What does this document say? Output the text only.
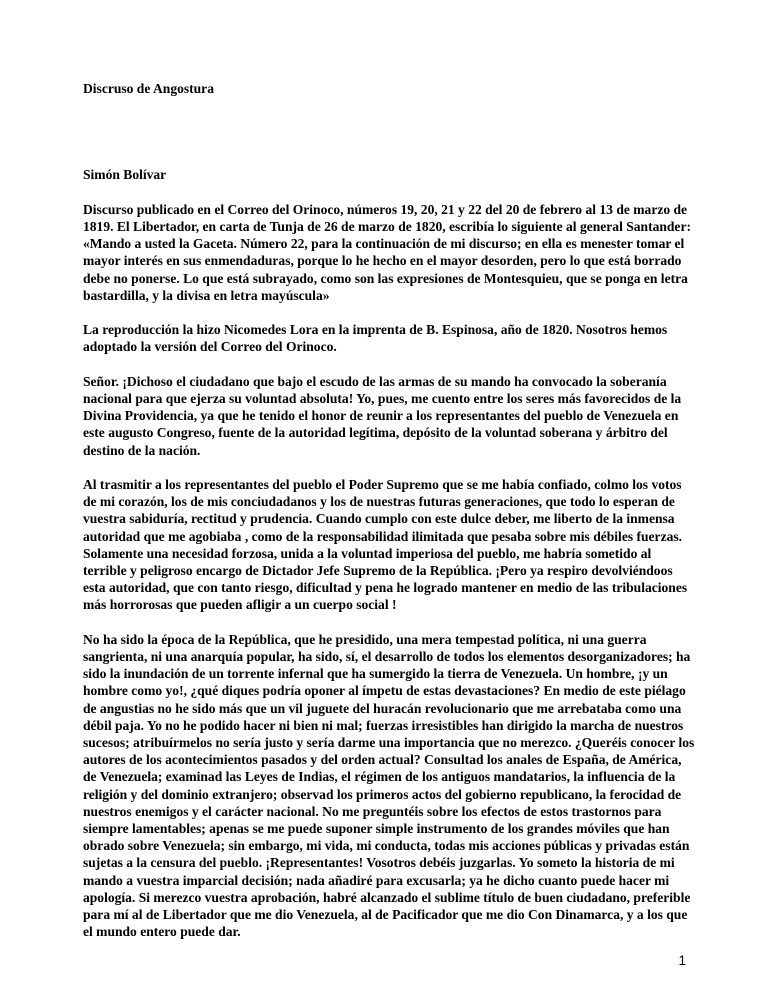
Discruso de Angostura

Simón Bolívar

Discurso publicado en el Correo del Orinoco, números 19, 20, 21 y 22 del 20 de febrero al 13 de marzo de 1819. El Libertador, en carta de Tunja de 26 de marzo de 1820, escribía lo siguiente al general Santander: «Mando a usted la Gaceta. Número 22, para la continuación de mi discurso; en ella es menester tomar el mayor interés en sus enmendaduras, porque lo he hecho en el mayor desorden, pero lo que está borrado debe no ponerse. Lo que está subrayado, como son las expresiones de Montesquieu, que se ponga en letra bastardilla, y la divisa en letra mayúscula»

La reproducción la hizo Nicomedes Lora en la imprenta de B. Espinosa, año de 1820. Nosotros hemos adoptado la versión del Correo del Orinoco.

Señor. ¡Dichoso el ciudadano que bajo el escudo de las armas de su mando ha convocado la soberanía nacional para que ejerza su voluntad absoluta! Yo, pues, me cuento entre los seres más favorecidos de la Divina Providencia, ya que he tenido el honor de reunir a los representantes del pueblo de Venezuela en este augusto Congreso, fuente de la autoridad legítima, depósito de la voluntad soberana y árbitro del destino de la nación.

Al trasmitir a los representantes del pueblo el Poder Supremo que se me había confiado, colmo los votos de mi corazón, los de mis conciudadanos y los de nuestras futuras generaciones, que todo lo esperan de vuestra sabiduría, rectitud y prudencia. Cuando cumplo con este dulce deber, me liberto de la inmensa autoridad que me agobiaba , como de la responsabilidad ilimitada que pesaba sobre mis débiles fuerzas. Solamente una necesidad forzosa, unida a la voluntad imperiosa del pueblo, me habría sometido al terrible y peligroso encargo de Dictador Jefe Supremo de la República. ¡Pero ya respiro devolviéndoos esta autoridad, que con tanto riesgo, dificultad y pena he logrado mantener en medio de las tribulaciones más horrorosas que pueden afligir a un cuerpo social !

No ha sido la época de la República, que he presidido, una mera tempestad política, ni una guerra sangrienta, ni una anarquía popular, ha sido, sí, el desarrollo de todos los elementos desorganizadores; ha sido la inundación de un torrente infernal que ha sumergido la tierra de Venezuela. Un hombre, ¡y un hombre como yo!, ¿qué diques podría oponer al ímpetu de estas devastaciones? En medio de este piélago de angustias no he sido más que un vil juguete del huracán revolucionario que me arrebataba como una débil paja. Yo no he podido hacer ni bien ni mal; fuerzas irresistibles han dirigido la marcha de nuestros sucesos; atribuírmelos no sería justo y sería darme una importancia que no merezco. ¿Queréis conocer los autores de los acontecimientos pasados y del orden actual? Consultad los anales de España, de América, de Venezuela; examinad las Leyes de Indias, el régimen de los antiguos mandatarios, la influencia de la religión y del dominio extranjero; observad los primeros actos del gobierno republicano, la ferocidad de nuestros enemigos y el carácter nacional. No me preguntéis sobre los efectos de estos trastornos para siempre lamentables; apenas se me puede suponer simple instrumento de los grandes móviles que han obrado sobre Venezuela; sin embargo, mi vida, mi conducta, todas mis acciones públicas y privadas están sujetas a la censura del pueblo. ¡Representantes! Vosotros debéis juzgarlas. Yo someto la historia de mi mando a vuestra imparcial decisión; nada añadiré para excusarla; ya he dicho cuanto puede hacer mi apología. Si merezco vuestra aprobación, habré alcanzado el sublime título de buen ciudadano, preferible para mí al de Libertador que me dio Venezuela, al de Pacificador que me dio Con Dinamarca, y a los que el mundo entero puede dar.

1
